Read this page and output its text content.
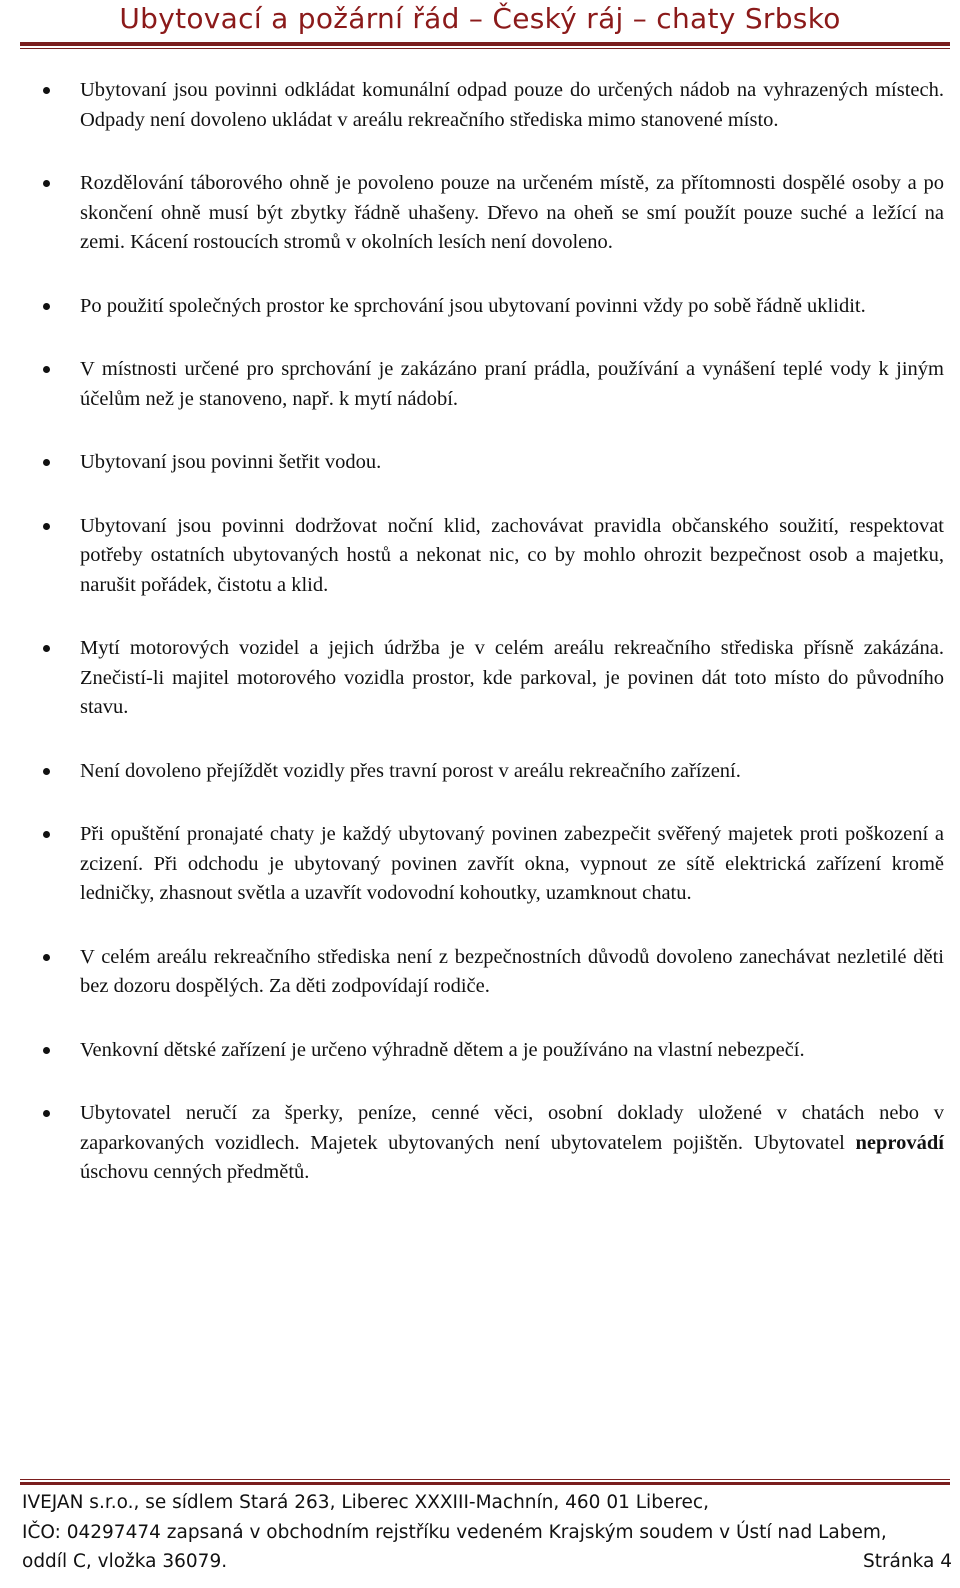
Ubytovací a požární řád – Český ráj – chaty Srbsko
Ubytovaní jsou povinni odkládat komunální odpad pouze do určených nádob na vyhrazených místech. Odpady není dovoleno ukládat v areálu rekreačního střediska mimo stanovené místo.
Rozdělování táborového ohně je povoleno pouze na určeném místě, za přítomnosti dospělé osoby a po skončení ohně musí být zbytky řádně uhašeny. Dřevo na oheň se smí použít pouze suché a ležící na zemi. Kácení rostoucích stromů v okolních lesích není dovoleno.
Po použití společných prostor ke sprchování jsou ubytovaní povinni vždy po sobě řádně uklidit.
V místnosti určené pro sprchování je zakázáno praní prádla, používání a vynášení teplé vody k jiným účelům než je stanoveno, např. k mytí nádobí.
Ubytovaní jsou povinni šetřit vodou.
Ubytovaní jsou povinni dodržovat noční klid, zachovávat pravidla občanského soužití, respektovat potřeby ostatních ubytovaných hostů a nekonat nic, co by mohlo ohrozit bezpečnost osob a majetku, narušit pořádek, čistotu a klid.
Mytí motorových vozidel a jejich údržba je v celém areálu rekreačního střediska přísně zakázána. Znečistí-li majitel motorového vozidla prostor, kde parkoval, je povinen dát toto místo do původního stavu.
Není dovoleno přejíždět vozidly přes travní porost v areálu rekreačního zařízení.
Při opuštění pronajaté chaty je každý ubytovaný povinen zabezpečit svěřený majetek proti poškození a zcizení. Při odchodu je ubytovaný povinen zavřít okna, vypnout ze sítě elektrická zařízení kromě ledničky, zhasnout světla a uzavřít vodovodní kohoutky, uzamknout chatu.
V celém areálu rekreačního střediska není z bezpečnostních důvodů dovoleno zanechávat nezletilé děti bez dozoru dospělých. Za děti zodpovídají rodiče.
Venkovní dětské zařízení je určeno výhradně dětem a je používáno na vlastní nebezpečí.
Ubytovatel neručí za šperky, peníze, cenné věci, osobní doklady uložené v chatách nebo v zaparkovaných vozidlech. Majetek ubytovaných není ubytovatelem pojištěn. Ubytovatel neprovádí úschovu cenných předmětů.
IVEJAN s.r.o., se sídlem Stará 263, Liberec XXXIII-Machnín, 460 01 Liberec,
IČO: 04297474 zapsaná v obchodním rejstříku vedeném Krajským soudem v Ústí nad Labem,
oddíl C, vložka 36079.	Stránka 4
